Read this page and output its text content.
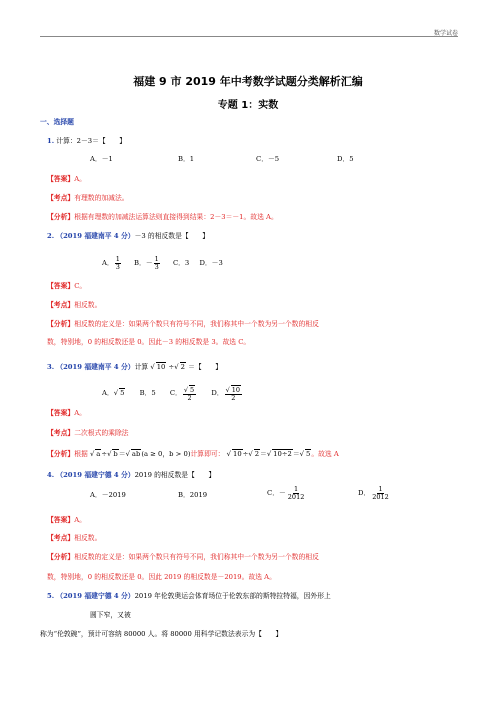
数学试卷
福建 9 市 2019 年中考数学试题分类解析汇编
专题 1：实数
一、选择题
1. 计算：2－3＝【　　】
A．－1	B．1	C．－5	D．5
【答案】A。
【考点】有理数的加减法。
【分析】根据有理数的加减法运算法则直接得到结果：2－3＝－1。故选 A。
2. （2019 福建南平 4 分）－3 的相反数是【　　】
A． $\frac{1}{3}$ B．－ $\frac{1}{3}$ C．3 D．－3
【答案】C。
【考点】相反数。
【分析】相反数的定义是：如果两个数只有符号不同，我们称其中一个数为另一个数的相反
数，特别地，0 的相反数还是 0。因此－3 的相反数是 3。故选 C。
3. （2019 福建南平 4 分）计算 √ 10 ÷ √ 2 ＝【　　】
A． √ 5 B．5 C． √ $\frac{5}{2}$ D． √ $\frac{10}{2}$
【答案】A。
【考点】二次根式的乘除法
【分析】根据 √ a÷ √ b＝ √ ab(a ≥ 0，b > 0)计算即可： √ 10÷ √ 2＝ √ 10÷2＝ √ 5。故选 A
4. （2019 福建宁德 4 分）2019 的相反数是【　　】
A．－2019	B．2019	C．－ $\frac{1}{2012}$	D． $\frac{1}{2012}$
【答案】A。
【考点】相反数。
【分析】相反数的定义是：如果两个数只有符号不同，我们称其中一个数为另一个数的相反
数，特别地，0 的相反数还是 0。因此 2019 的相反数是－2019。故选 A。
5. （2019 福建宁德 4 分）2019 年伦敦奥运会体育场位于伦敦东部的斯特拉特福，因外形上
圆下窄，又被
称为“伦敦碗”，预计可容纳 80000 人。将 80000 用科学记数法表示为【　　】
